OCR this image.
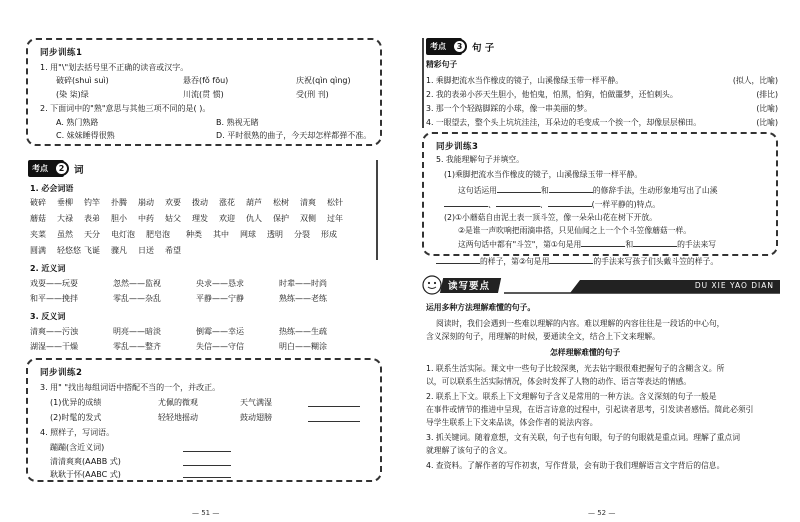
同步训练1
1. 用"\"划去括号里不正确的读音或汉字。
破碎(shuì suì)	悬吞(fǒ fōu)	庆祝(qìn qìng)
(染 柒)绿	川流(贯 惯)	受(刑 刊)
2. 下面词中的"熟"意思与其他三项不同的是( )。
A. 熟门熟路	B. 熟视无睹
C. 妹妹睡得很熟	D. 平时很熟的曲子，今天却怎样都弹不准。
考点	2	词
1. 必会词语
破碎 垂柳 钓竿 扑腾 崩动 欢要 拨动 涨花 葫芦 松树 清爽 松针
蘑菇 大禄 表弟 胆小 中药 姑父 理发 欢迎 仇人 保护 双侧 过年
夹菜 虽然 天分 电灯泡 肥皂泡 种类 其中 网球 透明 分裂 形成
圆满 轻悠悠 飞诞 骤凡 日送 希望
2. 近义词
戏耍——玩耍	忽然——监视	央求——恳求	时辈——时尚
和平——挽拌	零乱——杂乱	平静——宁静	熟练——老练
3. 反义词
清爽——污浊	明亮——暗淡	倒霉——幸运	热练——生疏
湖湿——干燥	零乱——整齐	失信——守信	明白——糊涂
同步训练2
3. 用" "找出每组词语中搭配不当的一个，并改正。
(1)优异的成绩	尤佩的微观	天气满湿
(2)时髦的发式	轻轻地摇动	鼓动翅膀
4. 照样子，写词语。
蹦蹦(含近义词)
清清爽爽(AABB 式)
耿耿于怀(AABC 式)
— 51 —
考点	3	句 子
精彩句子
1. 乘脚把流水当作橡皮的镜子，山溪像绿玉带一样平静。	(拟人，比喻)
2. 我的表弟小莎天生胆小，他怕鬼，怕黑，怕狗，怕做噩梦，还怕刺头。	(排比)
3. 那一个个轻踮脚踩的小球，像一串美丽的梦。	(比喻)
4. 一眼望去，整个头上坑坑洼洼，耳朵边的毛变成一个挨一个，却像层层梯田。	(比喻)
同步训练3
5. 我能理解句子并填空。
(1)乘脚把流水当作橡皮的镜子，山溪像绿玉带一样平静。
这句话运用	和	的修辞手法，生动形象地写出了山溪
、	、	(一样平静的)特点。
(2)①小蘑菇自由泥土表一顶斗笠，像一朵朵山花在树下开放。
②是谁一声吹响把雨滴串搭，只见仙闻之上一个个斗笠像蘑菇一样。
这两句话中都有"斗笠"，第①句是用	和	的手法来写
的样子，第②句是用	的手法来写孩子们头戴斗笠的样子。
读写要点	DU XIE YAO DIAN
运用多种方法理解难懂的句子。
阅读时，我们会遇到一些难以理解的内容。难以理解的内容往往是一段话的中心句，
含义深刻的句子，用理解的时候，要通读全文，结合上下文来理解。
怎样理解难懂的句子
1. 联系生活实际。课文中一些句子比较深奥，光去钻字眼很难把握句子的含糊含义。所
以，可以联系生活实际情况，体会时发挥了人物的动作、语言等表达的情感。
2. 联系上下文。联系上下文理解句子含义是常用的一种方法。含义深刻的句子一般是
在事件或情节的推进中呈现，在语言诗意的过程中，引起读者思考，引发读者感悟。简此必须引
导学生联系上下文来品读，体会作者的说法内容。
3. 抓关键词。随着意想，文有关联，句子也有句眼，句子的句眼就是重点词。理解了重点词
就理解了该句子的含义。
4. 查资料。了解作者的写作初衷，写作背景，会有助于我们理解语言文字背后的信息。
— 52 —
